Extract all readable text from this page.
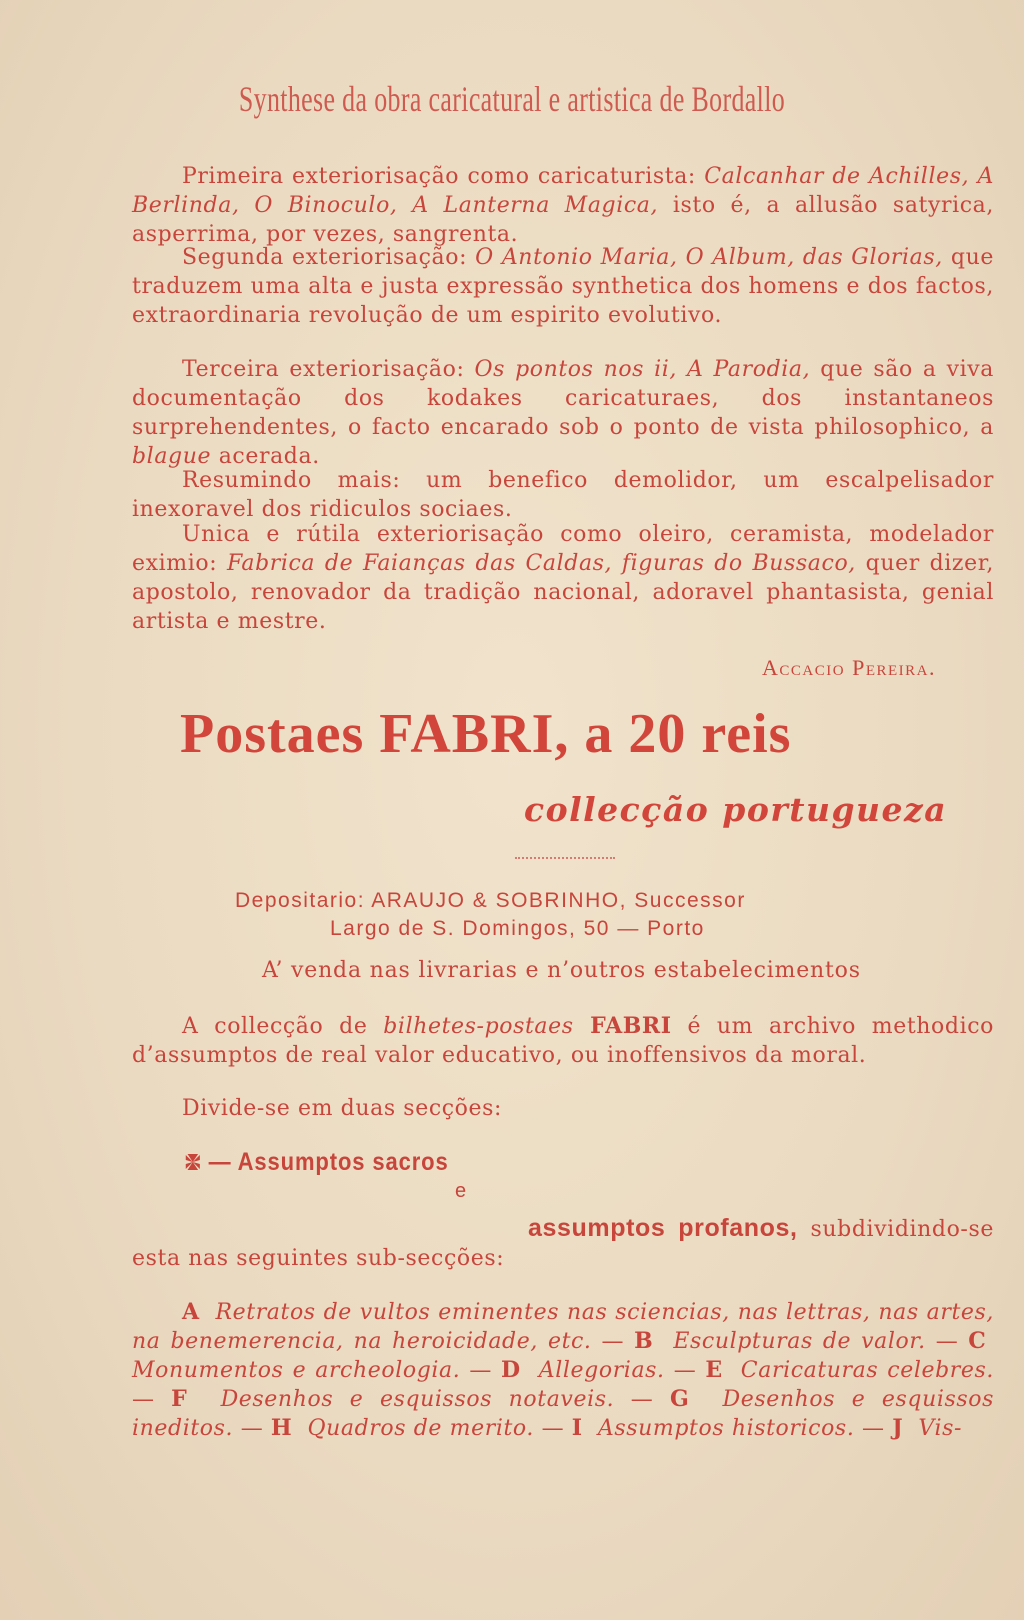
Synthese da obra caricatural e artistica de Bordallo
Primeira exteriorisação como caricaturista: Calcanhar de Achilles, A Berlinda, O Binoculo, A Lanterna Magica, isto é, a allusão satyrica, asperrima, por vezes, sangrenta.
Segunda exteriorisação: O Antonio Maria, O Album, das Glorias, que traduzem uma alta e justa expressão synthetica dos homens e dos factos, extraordinaria revolução de um espirito evolutivo.
Terceira exteriorisação: Os pontos nos ii, A Parodia, que são a viva documentação dos kodakes caricaturaes, dos instantaneos surprehendentes, o facto encarado sob o ponto de vista philosophico, a blague acerada.
Resumindo mais: um benefico demolidor, um escalpelisador inexoravel dos ridiculos sociaes.
Unica e rútila exteriorisação como oleiro, ceramista, modelador eximio: Fabrica de Faianças das Caldas, figuras do Bussaco, quer dizer, apostolo, renovador da tradição nacional, adoravel phantasista, genial artista e mestre.
Accacio Pereira.
Postaes FABRI, a 20 reis
collecção portugueza
Depositario: ARAUJO & SOBRINHO, Successor
Largo de S. Domingos, 50 — Porto
A’ venda nas livrarias e n’outros estabelecimentos
A collecção de bilhetes-postaes FABRI é um archivo methodico d’assumptos de real valor educativo, ou inoffensivos da moral.
Divide-se em duas secções:
— Assumptos sacros
e
assumptos profanos, subdividindo-se esta nas seguintes sub-secções:
A Retratos de vultos eminentes nas sciencias, nas lettras, nas artes, na benemerencia, na heroicidade, etc. — B Esculpturas de valor. — C  Monumentos e archeologia. — D Allegorias. — E Caricaturas celebres. — F Desenhos e esquissos notaveis. — G Desenhos e esquissos ineditos. — H Quadros de merito. — I Assumptos historicos. — J Vis-
